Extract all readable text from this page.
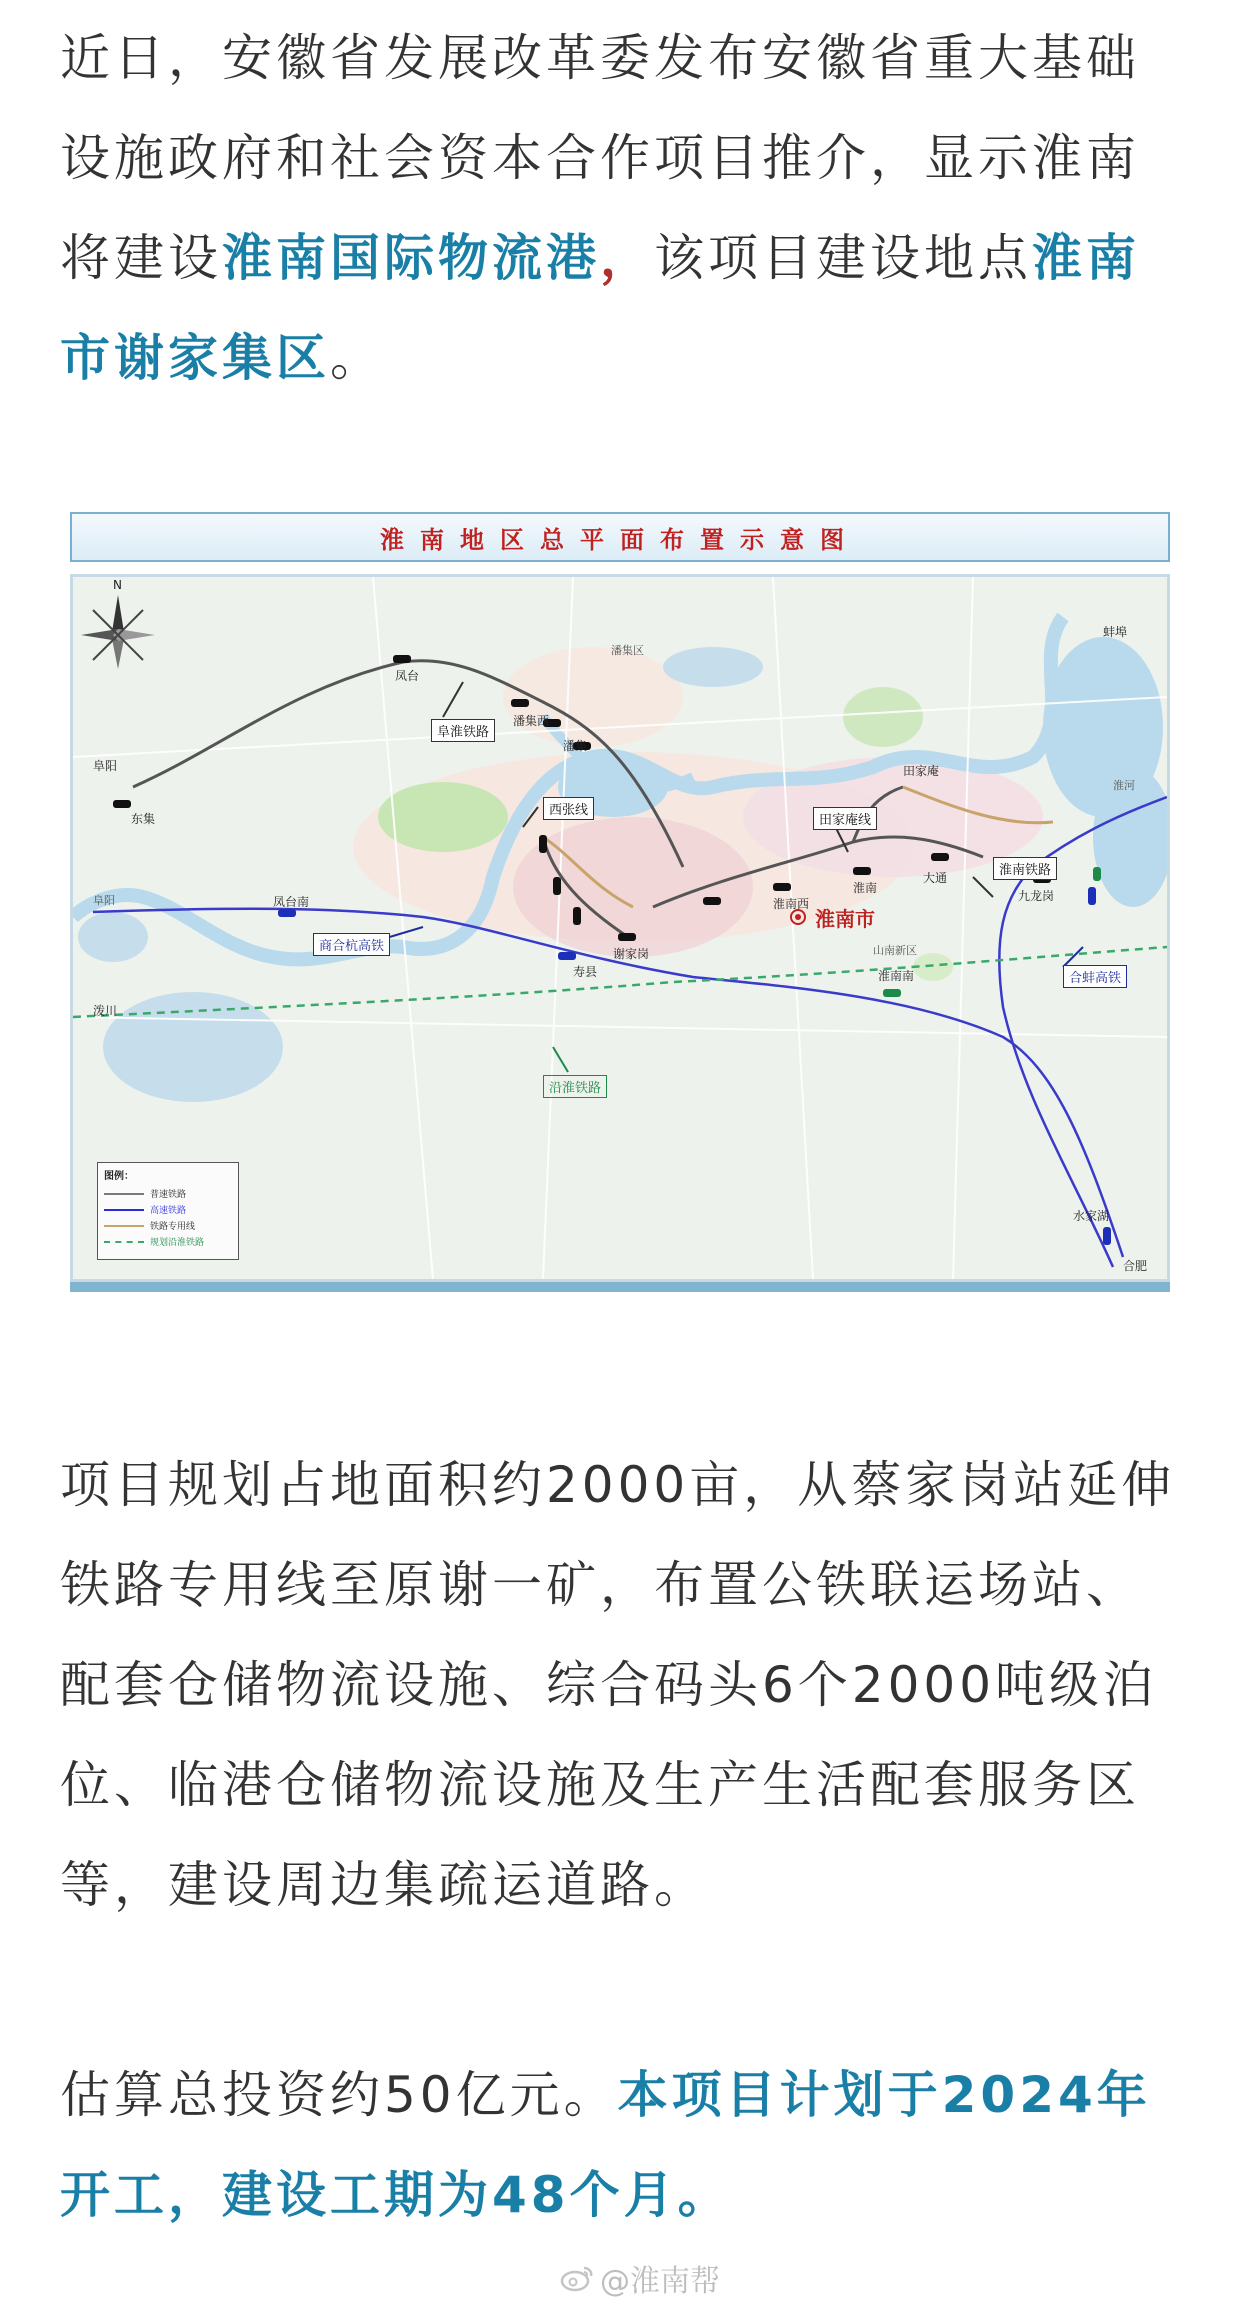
近日，安徽省发展改革委发布安徽省重大基础设施政府和社会资本合作项目推介，显示淮南将建设淮南国际物流港，该项目建设地点淮南市谢家集区。

淮南地区总平面布置示意图
N
蚌埠
阜阳
阜阳
东集
凤台
潘集西
潘集
潘集区
凤台南
寿县
谢家岗
田家庵
大通
九龙岗
淮南西
淮南
淮南南
山南新区
水家湖
合肥
泼川
淮河
淮南市
阜淮铁路
西张线
田家庵线
淮南铁路
商合杭高铁
合蚌高铁
沿淮铁路
图例：
普速铁路
高速铁路
铁路专用线
规划沿淮铁路

项目规划占地面积约2000亩，从蔡家岗站延伸铁路专用线至原谢一矿，布置公铁联运场站、配套仓储物流设施、综合码头6个2000吨级泊位、临港仓储物流设施及生产生活配套服务区等，建设周边集疏运道路。

估算总投资约50亿元。本项目计划于2024年开工，建设工期为48个月。

@淮南帮
